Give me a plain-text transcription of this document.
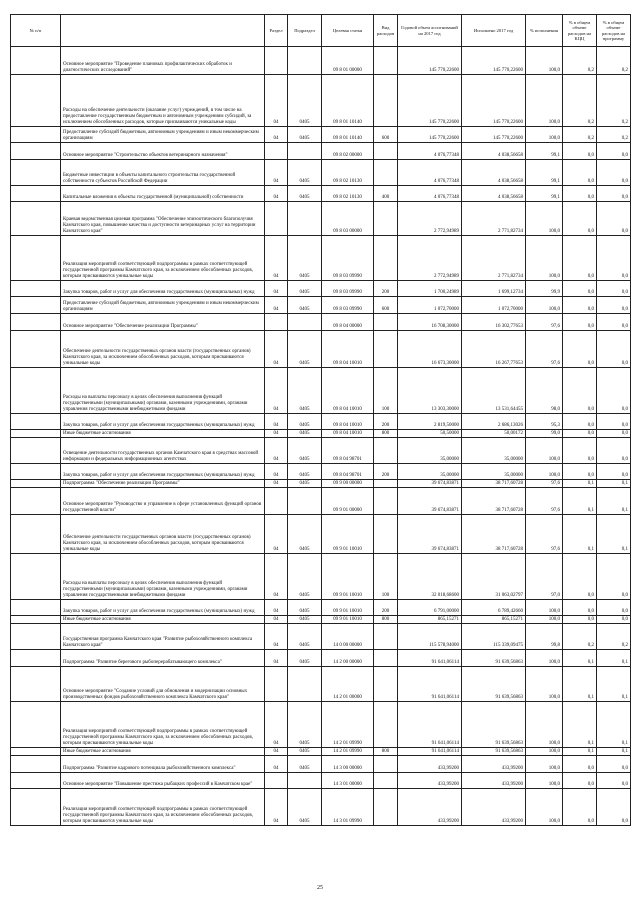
№ п/п		Раздел	Подраздел	Целевая статья	Вид расходов	Годовой объем ассигнований на 2017 год	Исполнено 2017 год	% исполнения	% в общем объеме расходов на КЦЦ	% в общем объеме расходов на программу
	Основное мероприятие "Проведение плановых профилактических обработок и диагностических исследований"			09 8 01 00000		145 770,22600	145 770,22600	100,0	0,2	0,2
	Расходы на обеспечение деятельности (оказание услуг) учреждений, в том числе на предоставление государственным бюджетным и автономным учреждениям субсидий, за исключением обособленных расходов, которые присваиваются уникальные коды	04	0405	09 8 01 10140		145 770,22600	145 770,22600	100,0	0,2	0,2
	Предоставление субсидий бюджетным, автономным учреждениям и иным некоммерческим организациям	04	0405	09 8 01 10140	600	145 770,22600	145 770,22600	100,0	0,2	0,2
	Основное мероприятие "Строительство объектов ветеринарного назначения"			09 8 02 00000		4 076,77348	4 038,56658	99,1	0,0	0,0
	Бюджетные инвестиции в объекты капитального строительства государственной собственности субъектов Российской Федерации	04	0405	09 8 02 10130		4 076,77348	4 038,56658	99,1	0,0	0,0
	Капитальные вложения в объекты государственной (муниципальной) собственности	04	0405	09 8 02 10130	400	4 076,77348	4 038,56658	99,1	0,0	0,0
	Краевая ведомственная целевая программа "Обеспечение эпизоотического благополучия Камчатского края, повышение качества и доступности ветеринарных услуг на территории Камчатского края"			09 8 03 00000		2 772,94989	2 771,82734	100,0	0,0	0,0
	Реализация мероприятий соответствующей подпрограммы в рамках соответствующей государственной программы Камчатского края, за исключением обособленных расходов, которым присваиваются уникальные коды	04	0405	09 8 03 09990		2 772,94989	2 771,82734	100,0	0,0	0,0
	Закупка товаров, работ и услуг для обеспечения государственных (муниципальных) нужд	04	0405	09 8 03 09990	200	1 700,24989	1 699,12734	99,9	0,0	0,0
	Предоставление субсидий бюджетным, автономным учреждениям и иным некоммерческим организациям	04	0405	09 8 03 09990	600	1 072,70000	1 072,70000	100,0	0,0	0,0
	Основное мероприятие "Обеспечение реализации Программы"			09 8 04 00000		16 708,30000	16 302,77653	97,6	0,0	0,0
	Обеспечение деятельности государственных органов власти (государственных органов) Камчатского края, за исключением обособленных расходов, которым присваиваются уникальные коды	04	0405	09 8 04 10010		16 673,30000	16 267,77653	97,6	0,0	0,0
	Расходы на выплаты персоналу в целях обеспечения выполнения функций государственными (муниципальными) органами, казенными учреждениями, органами управления государственными внебюджетными фондами	04	0405	09 8 04 10010	100	13 303,30000	13 531,64455	98,0	0,0	0,0
	Закупка товаров, работ и услуг для обеспечения государственных (муниципальных) нужд	04	0405	09 8 04 10010	200	2 819,50000	2 686,13026	95,3	0,0	0,0
	Иные бюджетные ассигнования	04	0405	09 8 04 10010	800	50,50000	50,00172	99,0	0,0	0,0
	Освещение деятельности государственных органов Камчатского края в средствах массовой информации и федеральных информационных агентствах	04	0405	09 8 04 98701		35,00000	35,00000	100,0	0,0	0,0
	Закупка товаров, работ и услуг для обеспечения государственных (муниципальных) нужд	04	0405	09 8 04 98701	200	35,00000	35,00000	100,0	0,0	0,0
	Подпрограмма "Обеспечение реализации Программы"	04	0405	09 9 00 00000		39 674,83871	38 717,60728	97,6	0,1	0,1
	Основное мероприятие "Руководство и управление в сфере установленных функций органов государственной власти"			09 9 01 00000		39 674,83871	38 717,60728	97,6	0,1	0,1
	Обеспечение деятельности государственных органов власти (государственных органов) Камчатского края, за исключением обособленных расходов, которым присваиваются уникальные коды	04	0405	09 9 01 10010		39 674,83871	38 717,60728	97,6	0,1	0,1
	Расходы на выплаты персоналу в целях обеспечения выполнения функций государственными (муниципальными) органами, казенными учреждениями, органами управления государственными внебюджетными фондами	04	0405	09 9 01 10010	100	32 018,68600	31 063,02797	97,0	0,0	0,0
	Закупка товаров, работ и услуг для обеспечения государственных (муниципальных) нужд	04	0405	09 9 01 10010	200	6 791,00000	6 789,42660	100,0	0,0	0,0
	Иные бюджетные ассигнования	04	0405	09 9 01 10010	800	865,15271	865,15271	100,0	0,0	0,0
	Государственная программа Камчатского края "Развитие рыбохозяйственного комплекса Камчатского края"	04	0405	14 0 00 00000		115 578,94000	115 339,09475	99,8	0,2	0,2
	Подпрограмма "Развитие берегового рыбоперерабатывающего комплекса"	04	0405	14 2 00 00000		91 641,06114	91 639,56863	100,0	0,1	0,1
	Основное мероприятие "Создание условий для обновления и модернизации основных производственных фондов рыбохозяйственного комплекса Камчатского края"			14 2 01 00000		91 641,06114	91 639,56863	100,0	0,1	0,1
	Реализация мероприятий соответствующей подпрограммы в рамках соответствующей государственной программы Камчатского края, за исключением обособленных расходов, которым присваиваются уникальные коды	04	0405	14 2 01 09990		91 641,06114	91 639,56863	100,0	0,1	0,1
	Иные бюджетные ассигнования	04	0405	14 2 01 09990	800	91 641,06114	91 639,56863	100,0	0,1	0,1
	Подпрограмма "Развитие кадрового потенциала рыбохозяйственного комплекса"	04	0405	14 3 00 00000		433,99200	433,99200	100,0	0,0	0,0
	Основное мероприятие "Повышение престижа рыбацких профессий в Камчатском крае"			14 3 01 00000		433,99200	433,99200	100,0	0,0	0,0
	Реализация мероприятий соответствующей подпрограммы в рамках соответствующей государственной программы Камчатского края, за исключением обособленных расходов, которым присваиваются уникальные коды	04	0405	14 3 01 09990		433,99200	433,99200	100,0	0,0	0,0
25
